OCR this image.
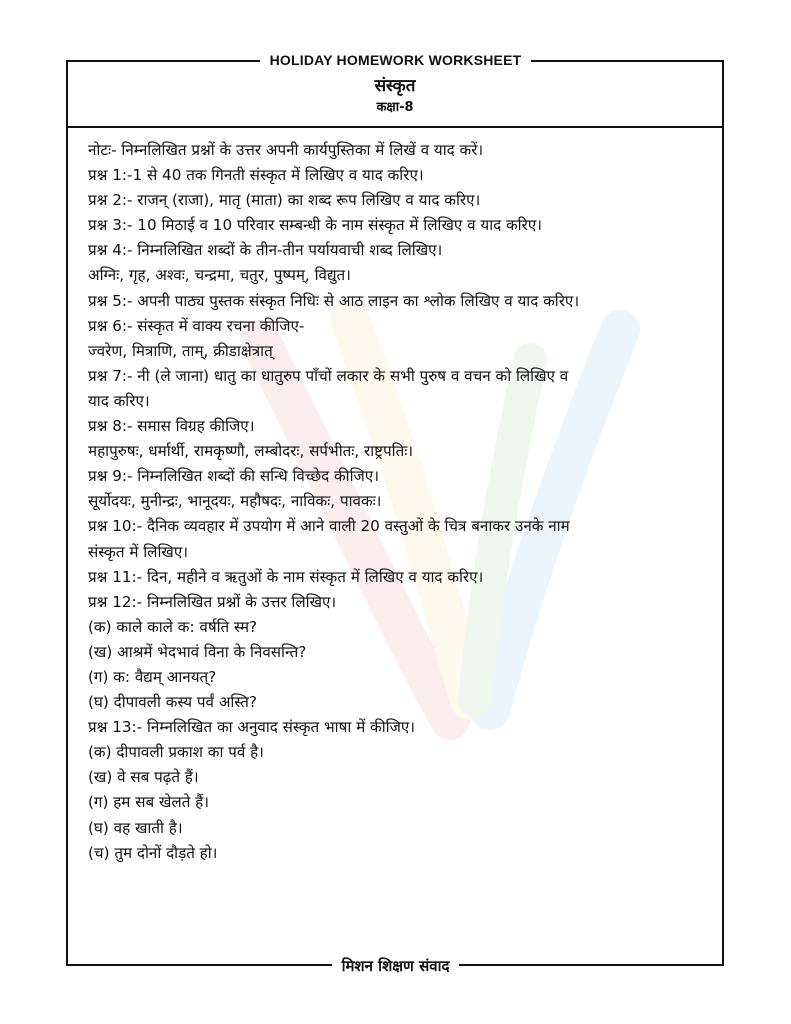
HOLIDAY HOMEWORK WORKSHEET
संस्कृत
कक्षा-8
नोटः- निम्नलिखित प्रश्नों के उत्तर अपनी कार्यपुस्तिका में लिखें व याद करें।
प्रश्न 1:-1 से 40 तक गिनती संस्कृत में लिखिए व याद करिए।
प्रश्न 2:- राजन् (राजा), मातृ (माता) का शब्द रूप लिखिए व याद करिए।
प्रश्न 3:- 10 मिठाई व 10 परिवार सम्बन्धी के नाम संस्कृत में लिखिए व याद करिए।
प्रश्न 4:- निम्नलिखित शब्दों के तीन-तीन पर्यायवाची शब्द लिखिए।
अग्निः, गृह, अश्वः, चन्द्रमा, चतुर, पुष्पम्, विद्युत।
प्रश्न 5:- अपनी पाठ्य पुस्तक संस्कृत निधिः से आठ लाइन का श्लोक लिखिए व याद करिए।
प्रश्न 6:- संस्कृत में वाक्य रचना कीजिए-
ज्वरेण, मित्राणि, ताम्, क्रीडाक्षेत्रात्
प्रश्न 7:- नी (ले जाना) धातु का धातुरुप पाँचों लकार के सभी पुरुष व वचन को लिखिए व
याद करिए।
प्रश्न 8:- समास विग्रह कीजिए।
महापुरुषः, धर्मार्थी, रामकृष्णौ, लम्बोदरः, सर्पभीतः, राष्ट्रपतिः।
प्रश्न 9:- निम्नलिखित शब्दों की सन्धि विच्छेद कीजिए।
सूर्योदयः, मुनीन्द्रः, भानूदयः, महौषदः, नाविकः, पावकः।
प्रश्न 10:- दैनिक व्यवहार में उपयोग में आने वाली 20 वस्तुओं के चित्र बनाकर उनके नाम
संस्कृत में लिखिए।
प्रश्न 11:- दिन, महीने व ऋतुओं के नाम संस्कृत में लिखिए व याद करिए।
प्रश्न 12:- निम्नलिखित प्रश्नों के उत्तर लिखिए।
(क) काले काले क: वर्षति स्म?
(ख) आश्रमें भेदभावं विना के निवसन्ति?
(ग) क: वैद्यम् आनयत्?
(घ) दीपावली कस्य पर्वं अस्ति?
प्रश्न 13:- निम्नलिखित का अनुवाद संस्कृत भाषा में कीजिए।
(क) दीपावली प्रकाश का पर्व है।
(ख) वे सब पढ़ते हैं।
(ग) हम सब खेलते हैं।
(घ) वह खाती है।
(च) तुम दोनों दौड़ते हो।
मिशन शिक्षण संवाद
